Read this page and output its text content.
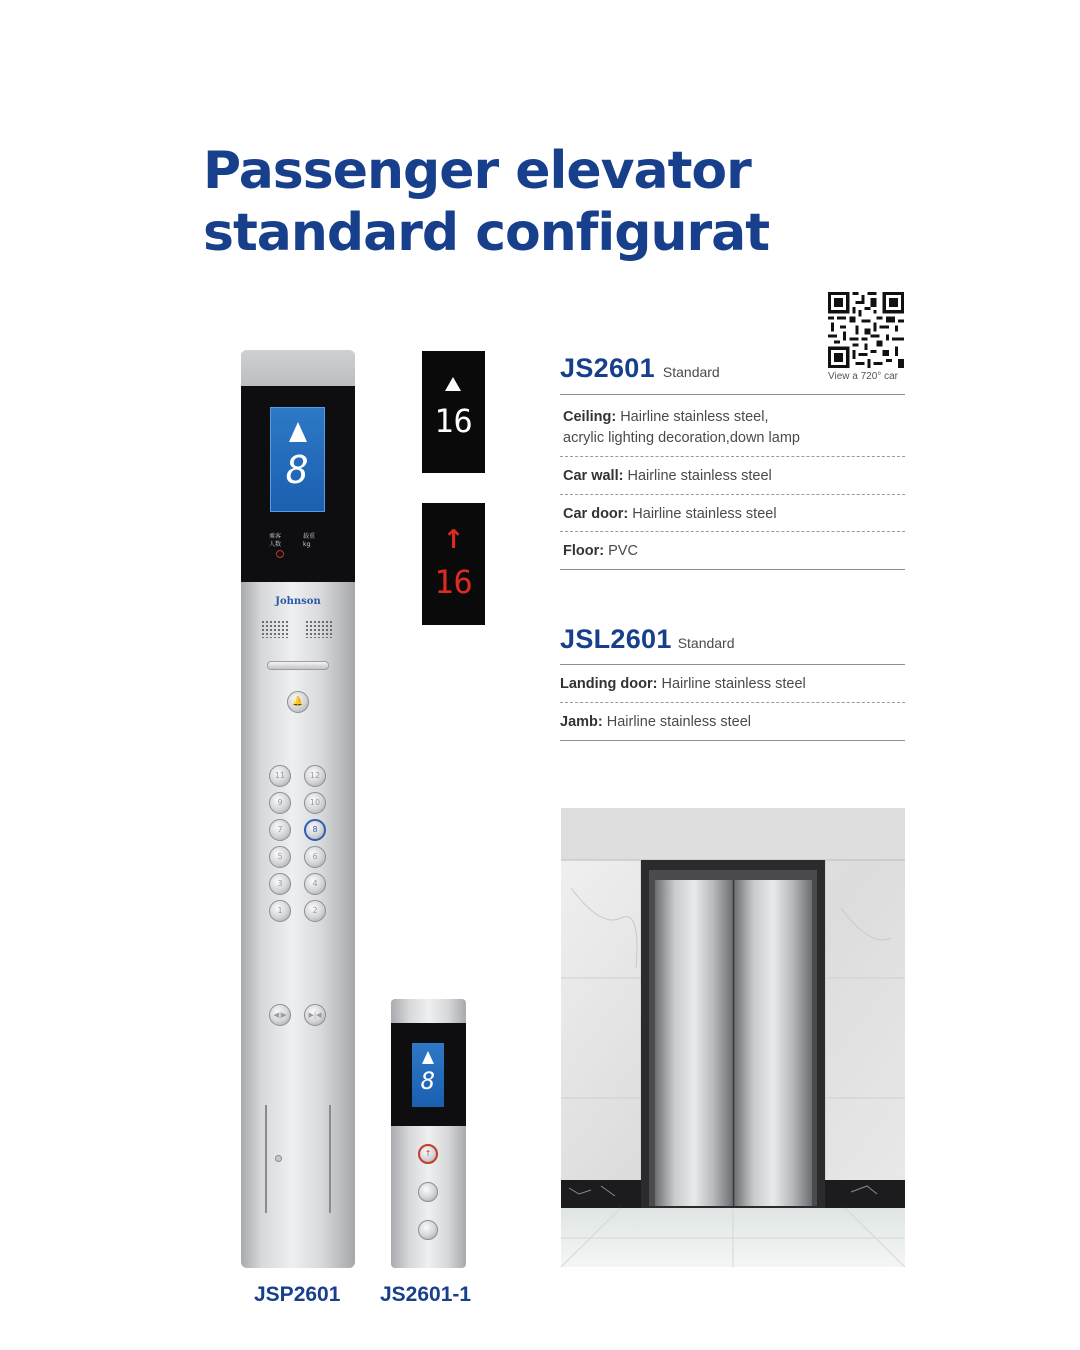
Passenger elevator
standard configurat
8
乘客
人数
载重
kg
Johnson
🔔
11	12
9	10
7	8
5	6
3	4
1	2
◀|▶	▶|◀
16
↑
16
8
↑
JSP2601 JS2601-1
View a 720° car
JS2601 Standard
Ceiling: Hairline stainless steel,
acrylic lighting decoration,down lamp
Car wall: Hairline stainless steel
Car door: Hairline stainless steel
Floor: PVC
JSL2601 Standard
Landing door: Hairline stainless steel
Jamb: Hairline stainless steel
